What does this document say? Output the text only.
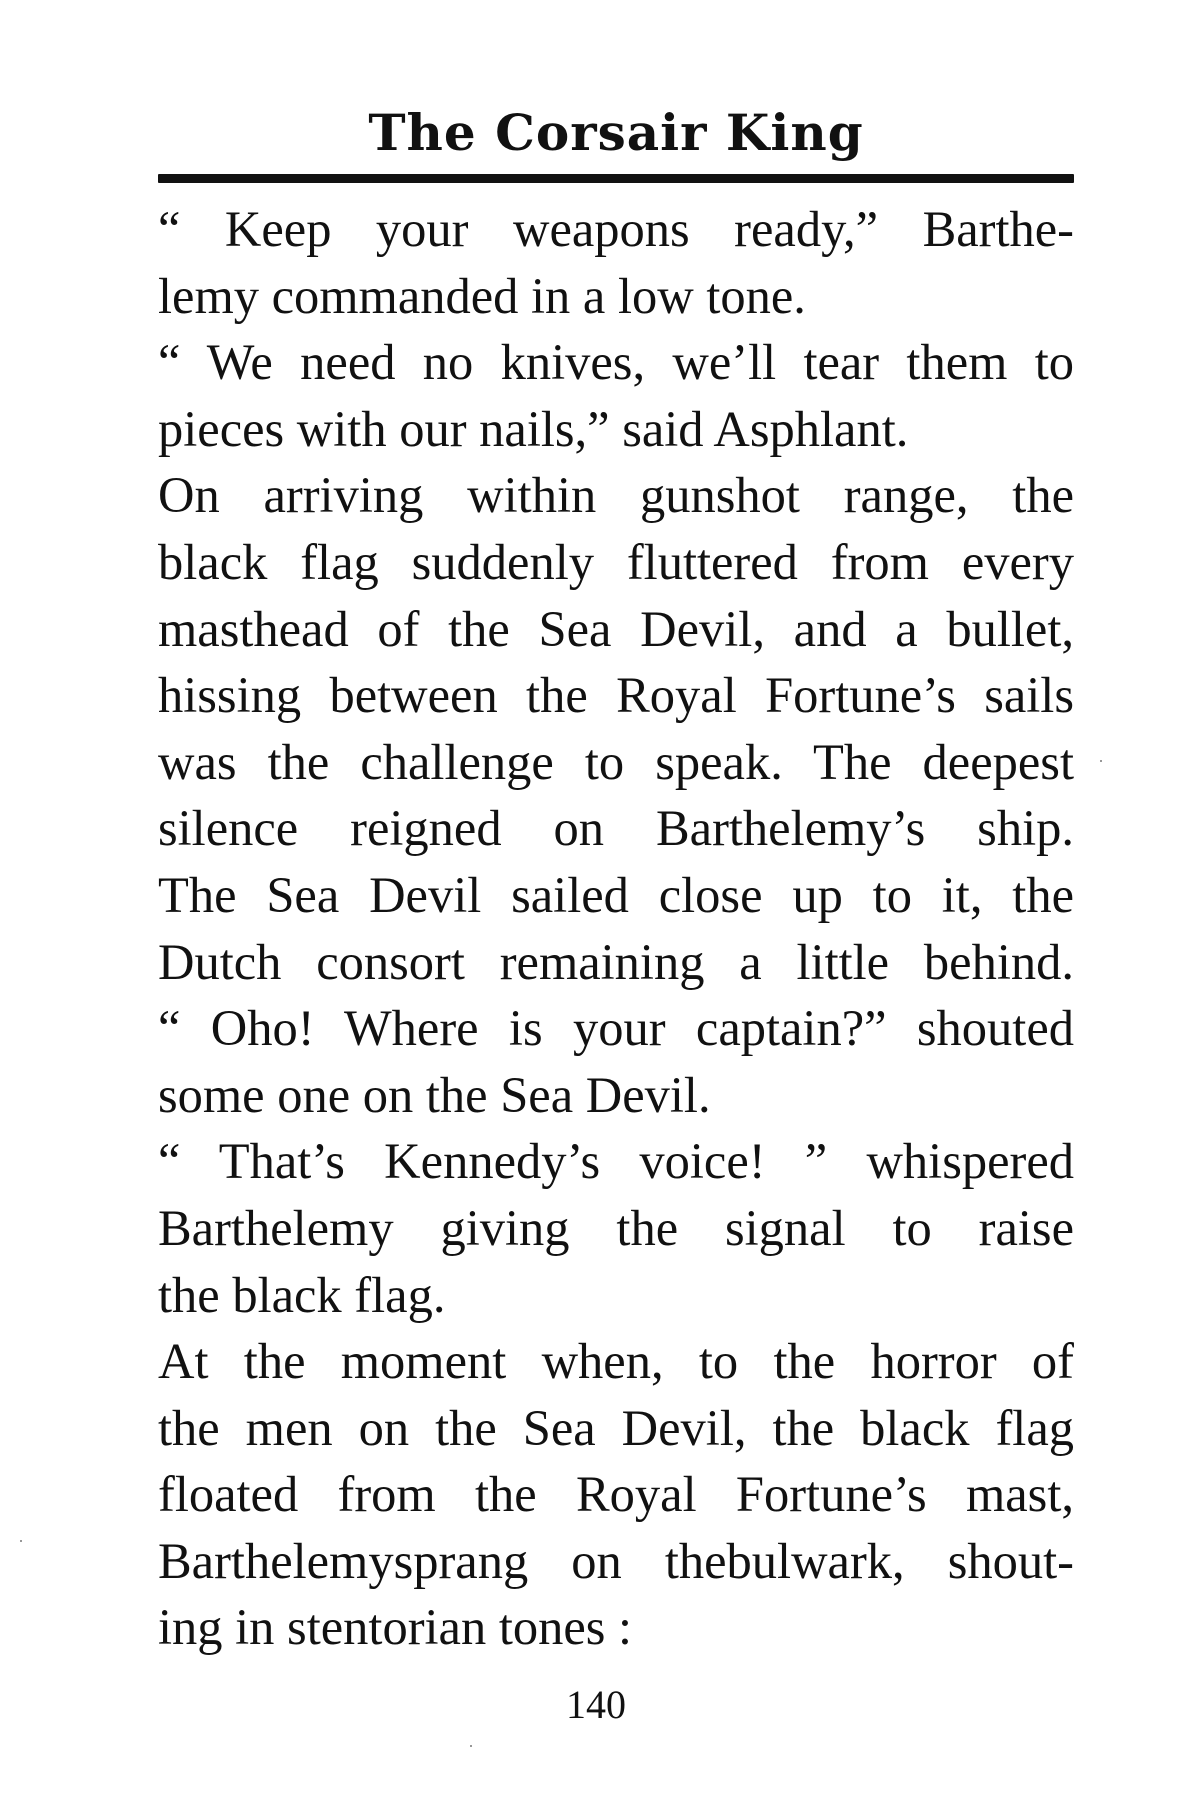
The Corsair King
“ Keep your weapons ready,” Barthe-
lemy commanded in a low tone.
“ We need no knives, we’ll tear them to
pieces with our nails,” said Asphlant.
On arriving within gunshot range, the
black flag suddenly fluttered from every
masthead of the Sea Devil, and a bullet,
hissing between the Royal Fortune’s sails
was the challenge to speak. The deepest
silence reigned on Barthelemy’s ship.
The Sea Devil sailed close up to it, the
Dutch consort remaining a little behind.
“ Oho! Where is your captain?” shouted
some one on the Sea Devil.
“ That’s Kennedy’s voice! ” whispered
Barthelemy giving the signal to raise
the black flag.
At the moment when, to the horror of
the men on the Sea Devil, the black flag
floated from the Royal Fortune’s mast,
Barthelemysprang on thebulwark, shout-
ing in stentorian tones :
140
